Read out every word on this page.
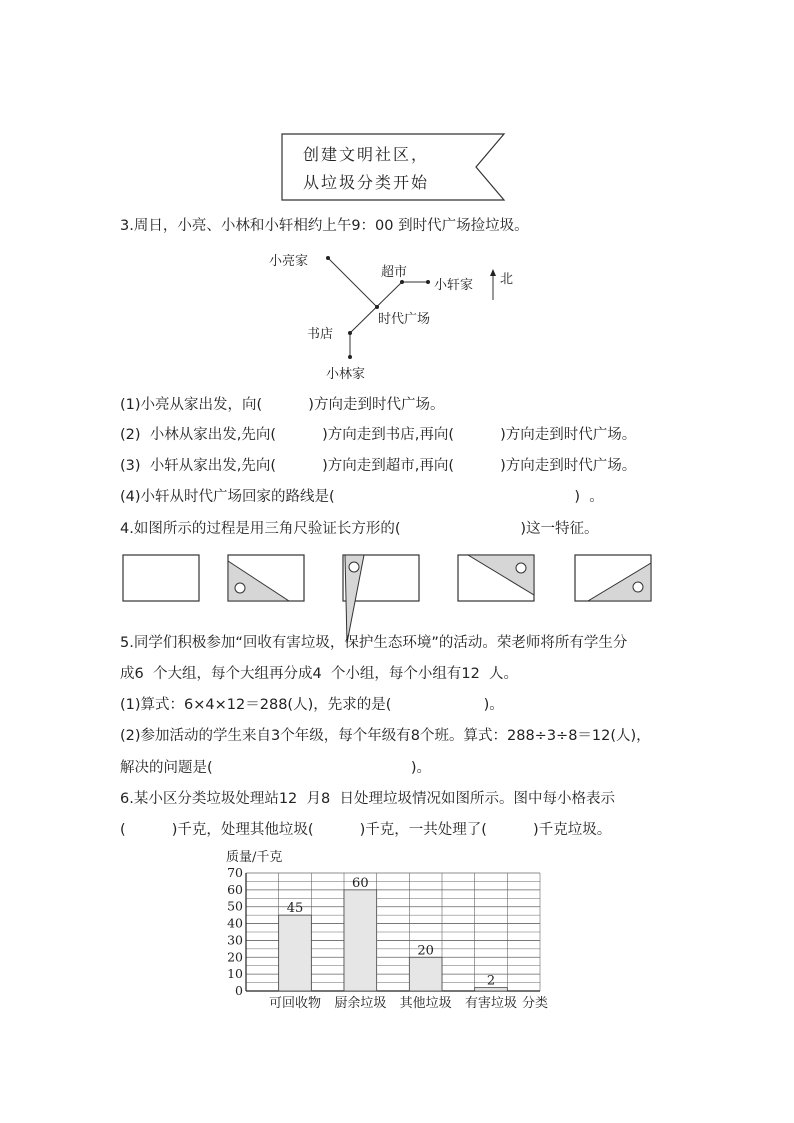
创建文明社区，
从垃圾分类开始
3.周日，小亮、小林和小轩相约上午9：00 到时代广场捡垃圾。
小亮家
超市
小轩家 北
时代广场
书店
小林家
(1)小亮从家出发，向(          )方向走到时代广场。
(2)  小林从家出发,先向(          )方向走到书店,再向(          )方向走到时代广场。
(3)  小轩从家出发,先向(          )方向走到超市,再向(          )方向走到时代广场。
(4)小轩从时代广场回家的路线是(                                                    )  。
4.如图所示的过程是用三角尺验证长方形的(                          )这一特征。
5.同学们积极参加“回收有害垃圾，保护生态环境”的活动。荣老师将所有学生分
成6  个大组，每个大组再分成4  个小组，每个小组有12  人。
(1)算式：6×4×12＝288(人)，先求的是(                    )。
(2)参加活动的学生来自3个年级，每个年级有8个班。算式：288÷3÷8＝12(人)，
解决的问题是(                                           )。
6.某小区分类垃圾处理站12  月8  日处理垃圾情况如图所示。图中每小格表示
(          )千克，处理其他垃圾(          )千克，一共处理了(          )千克垃圾。
质量/千克
0
10
20
30
40
50
60
70
45
60
20
2
可回收物 厨余垃圾 其他垃圾 有害垃圾 分类
